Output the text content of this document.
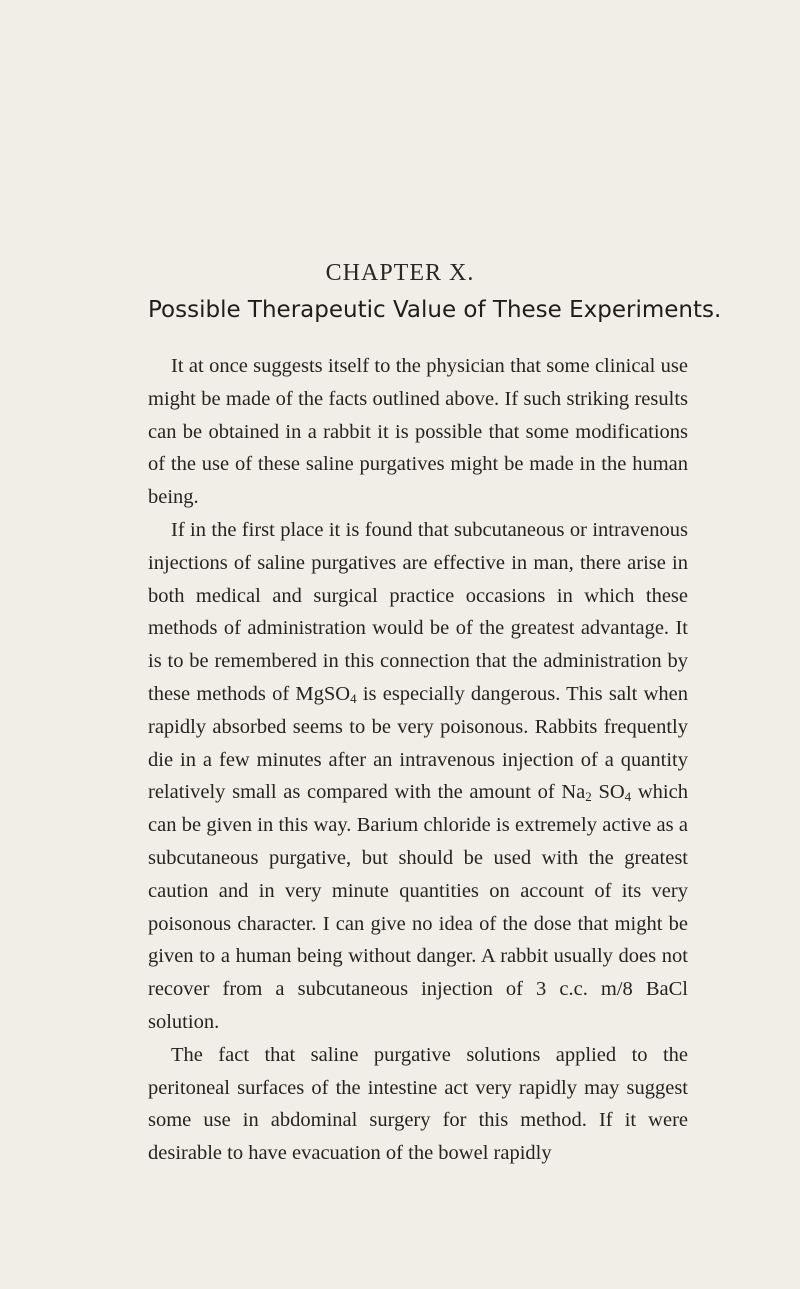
CHAPTER X.
Possible Therapeutic Value of These Experiments.

It at once suggests itself to the physician that some clinical use might be made of the facts outlined above. If such striking results can be obtained in a rabbit it is possible that some modifications of the use of these saline purgatives might be made in the human being.

If in the first place it is found that subcutaneous or intravenous injections of saline purgatives are effective in man, there arise in both medical and surgical practice occasions in which these methods of administration would be of the greatest advantage. It is to be remembered in this connection that the administration by these methods of MgSO$_4$ is especially dangerous. This salt when rapidly absorbed seems to be very poisonous. Rabbits frequently die in a few minutes after an intravenous injection of a quantity relatively small as compared with the amount of $Na_2$ $SO_4$ which can be given in this way. Barium chloride is extremely active as a subcutaneous purgative, but should be used with the greatest caution and in very minute quantities on account of its very poisonous character. I can give no idea of the dose that might be given to a human being without danger. A rabbit usually does not recover from a subcutaneous injection of 3 c.c. m/8 BaCl solution.

The fact that saline purgative solutions applied to the peritoneal surfaces of the intestine act very rapidly may suggest some use in abdominal surgery for this method. If it were desirable to have evacuation of the bowel rapidly
